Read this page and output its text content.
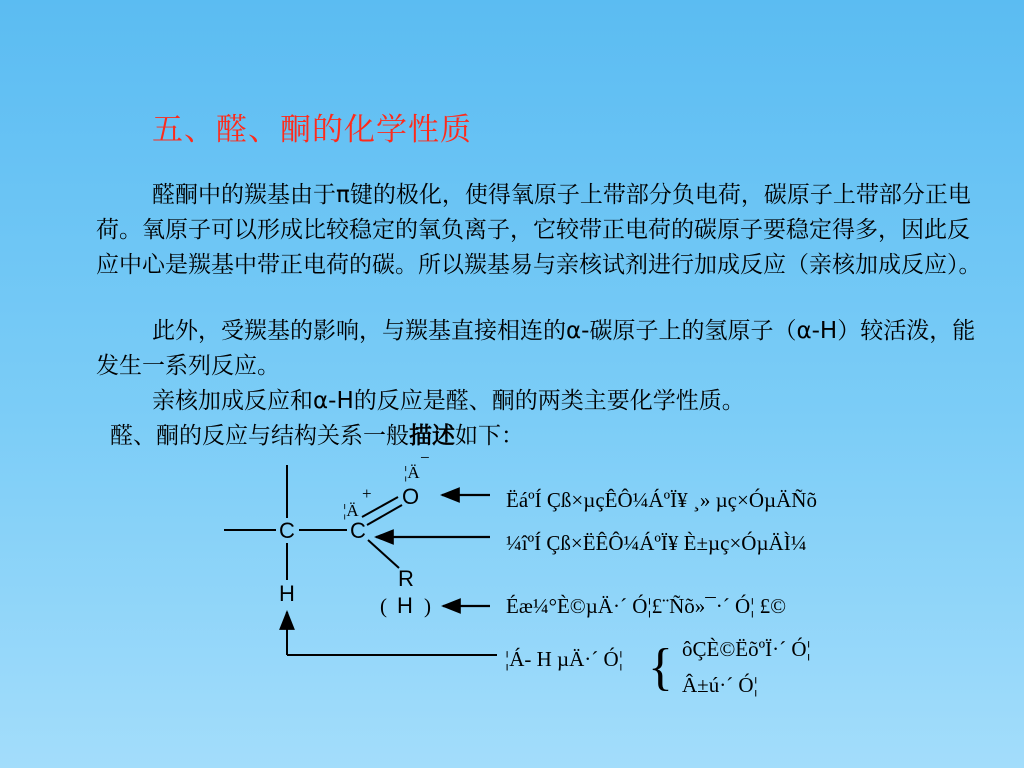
五、醛、酮的化学性质

醛酮中的羰基由于π键的极化，使得氧原子上带部分负电荷，碳原子上带部分正电荷。氧原子可以形成比较稳定的氧负离子，它较带正电荷的碳原子要稳定得多，因此反应中心是羰基中带正电荷的碳。所以羰基易与亲核试剂进行加成反应（亲核加成反应）。

此外，受羰基的影响，与羰基直接相连的α-碳原子上的氢原子（α-H）较活泼，能发生一系列反应。

亲核加成反应和α-H的反应是醛、酮的两类主要化学性质。

醛、酮的反应与结构关系一般描述如下：

C	C
O
H
R
( H )
¦Ä
−
¦Ä
+	ËáºÍ Çß×µçÊÔ¼ÁºÏ¥ ¸» µç×ÓµÄÑõ
¼îºÍ Çß×ËÊÔ¼ÁºÏ¥ È±µç×ÓµÄÌ¼
Éæ¼°È©µÄ·´ Ó¦£¨Ñõ»¯·´ Ó¦ £©
¦Á- H µÄ·´ Ó¦ { ôÇÈ©ËõºÏ·´ Ó¦
Â±ú·´ Ó¦
